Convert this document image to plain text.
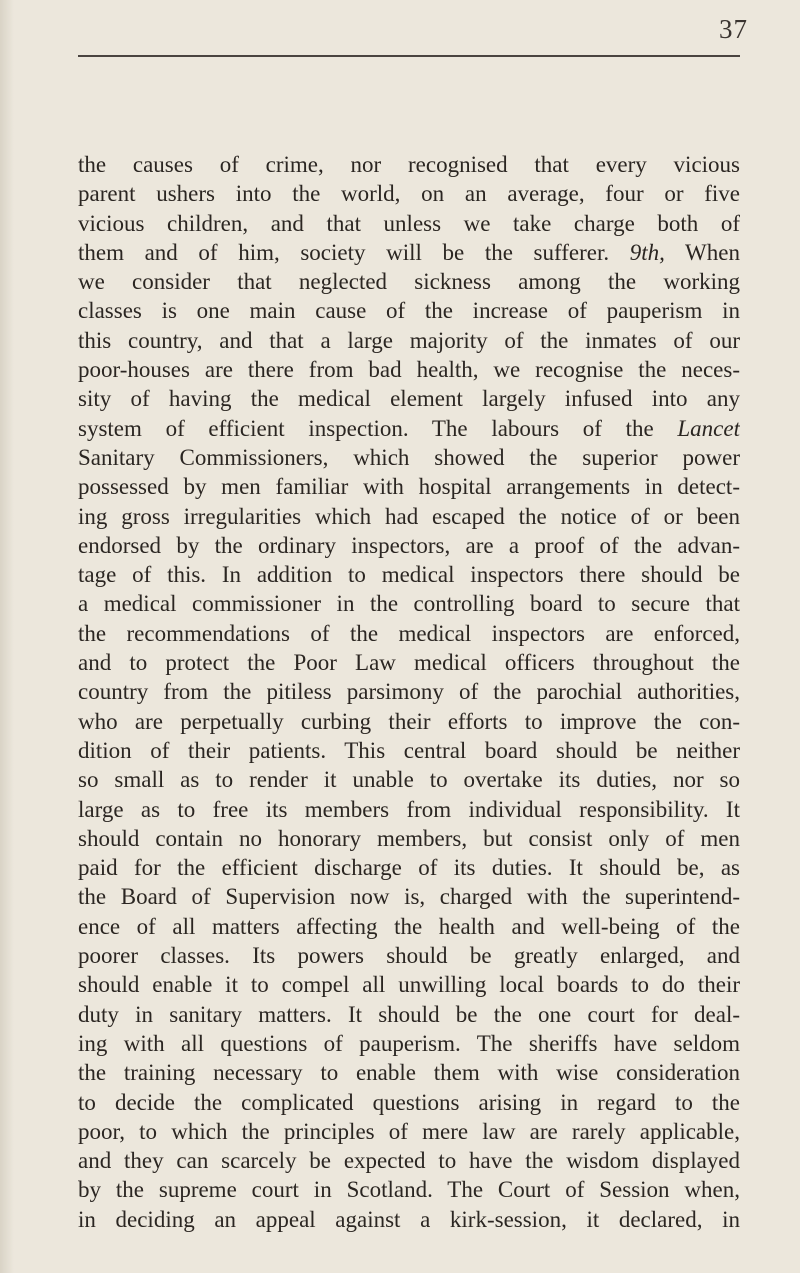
37
the causes of crime, nor recognised that every vicious
parent ushers into the world, on an average, four or five
vicious children, and that unless we take charge both of
them and of him, society will be the sufferer. 9th, When
we consider that neglected sickness among the working
classes is one main cause of the increase of pauperism in
this country, and that a large majority of the inmates of our
poor-houses are there from bad health, we recognise the neces-
sity of having the medical element largely infused into any
system of efficient inspection. The labours of the Lancet
Sanitary Commissioners, which showed the superior power
possessed by men familiar with hospital arrangements in detect-
ing gross irregularities which had escaped the notice of or been
endorsed by the ordinary inspectors, are a proof of the advan-
tage of this. In addition to medical inspectors there should be
a medical commissioner in the controlling board to secure that
the recommendations of the medical inspectors are enforced,
and to protect the Poor Law medical officers throughout the
country from the pitiless parsimony of the parochial authorities,
who are perpetually curbing their efforts to improve the con-
dition of their patients. This central board should be neither
so small as to render it unable to overtake its duties, nor so
large as to free its members from individual responsibility. It
should contain no honorary members, but consist only of men
paid for the efficient discharge of its duties. It should be, as
the Board of Supervision now is, charged with the superintend-
ence of all matters affecting the health and well-being of the
poorer classes. Its powers should be greatly enlarged, and
should enable it to compel all unwilling local boards to do their
duty in sanitary matters. It should be the one court for deal-
ing with all questions of pauperism. The sheriffs have seldom
the training necessary to enable them with wise consideration
to decide the complicated questions arising in regard to the
poor, to which the principles of mere law are rarely applicable,
and they can scarcely be expected to have the wisdom displayed
by the supreme court in Scotland. The Court of Session when,
in deciding an appeal against a kirk-session, it declared, in
